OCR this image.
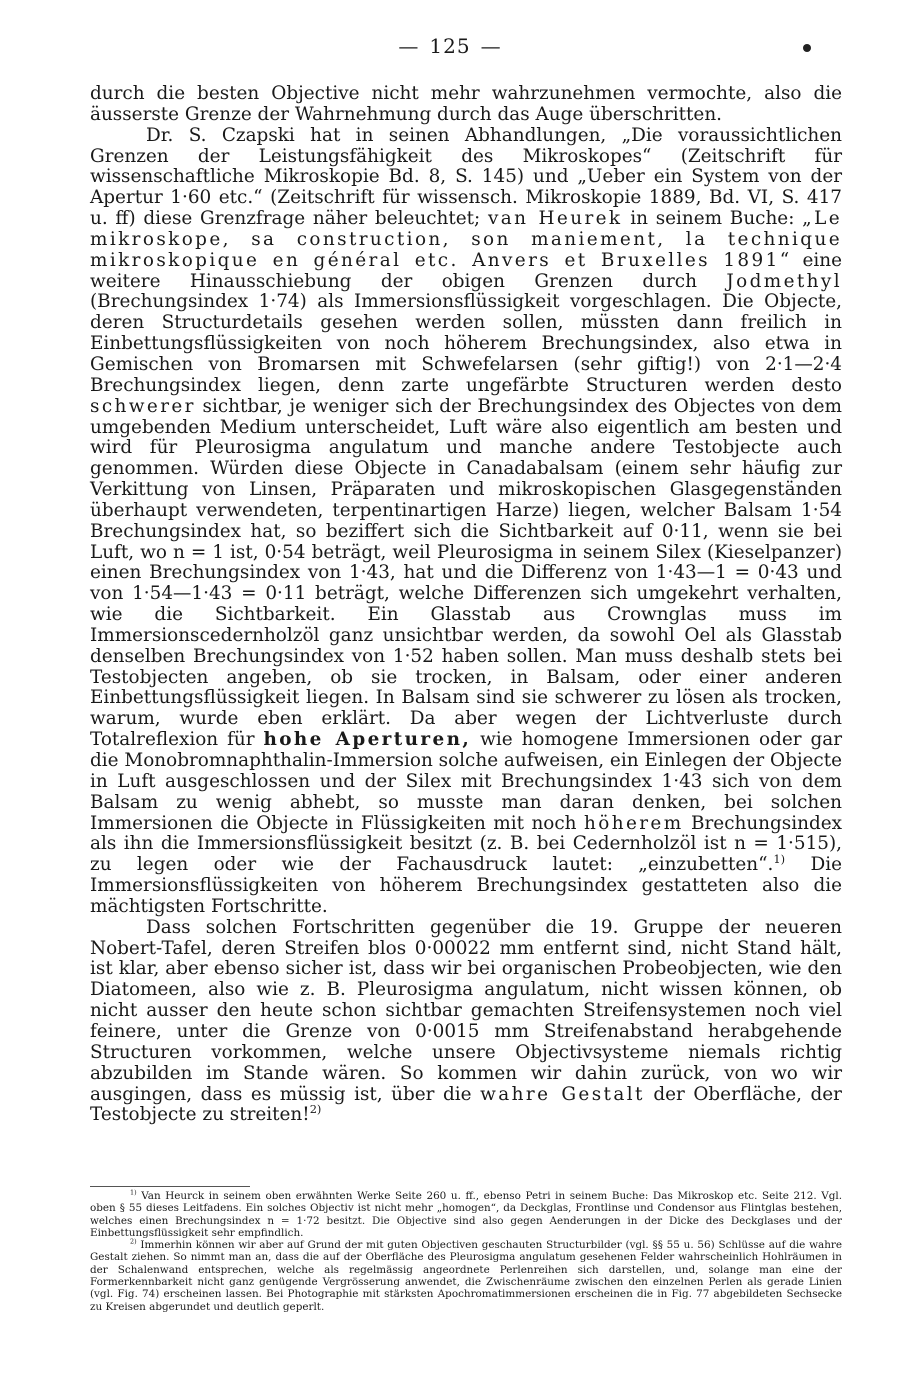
— 125 —

durch die besten Objective nicht mehr wahrzunehmen vermochte, also die äusserste Grenze der Wahrnehmung durch das Auge überschritten.

Dr. S. Czapski hat in seinen Abhandlungen, „Die voraussichtlichen Grenzen der Leistungsfähigkeit des Mikroskopes“ (Zeitschrift für wissenschaftliche Mikroskopie Bd. 8, S. 145) und „Ueber ein System von der Apertur 1·60 etc.“ (Zeitschrift für wissensch. Mikroskopie 1889, Bd. VI, S. 417 u. ff) diese Grenzfrage näher beleuchtet; van Heurek in seinem Buche: „Le mikroskope, sa construction, son maniement, la technique mikroskopique en général etc. Anvers et Bruxelles 1891“ eine weitere Hinausschiebung der obigen Grenzen durch Jodmethyl (Brechungsindex 1·74) als Immersionsflüssigkeit vorgeschlagen. Die Objecte, deren Structurdetails gesehen werden sollen, müssten dann freilich in Einbettungsflüssigkeiten von noch höherem Brechungsindex, also etwa in Gemischen von Bromarsen mit Schwefelarsen (sehr giftig!) von 2·1—2·4 Brechungsindex liegen, denn zarte ungefärbte Structuren werden desto schwerer sichtbar, je weniger sich der Brechungsindex des Objectes von dem umgebenden Medium unterscheidet, Luft wäre also eigentlich am besten und wird für Pleurosigma angulatum und manche andere Testobjecte auch genommen. Würden diese Objecte in Canadabalsam (einem sehr häufig zur Verkittung von Linsen, Präparaten und mikroskopischen Glasgegenständen überhaupt verwendeten, terpentinartigen Harze) liegen, welcher Balsam 1·54 Brechungsindex hat, so beziffert sich die Sichtbarkeit auf 0·11, wenn sie bei Luft, wo n = 1 ist, 0·54 beträgt, weil Pleurosigma in seinem Silex (Kieselpanzer) einen Brechungsindex von 1·43, hat und die Differenz von 1·43—1 = 0·43 und von 1·54—1·43 = 0·11 beträgt, welche Differenzen sich umgekehrt verhalten, wie die Sichtbarkeit. Ein Glasstab aus Crownglas muss im Immersionscedernholzöl ganz unsichtbar werden, da sowohl Oel als Glasstab denselben Brechungsindex von 1·52 haben sollen. Man muss deshalb stets bei Testobjecten angeben, ob sie trocken, in Balsam, oder einer anderen Einbettungsflüssigkeit liegen. In Balsam sind sie schwerer zu lösen als trocken, warum, wurde eben erklärt. Da aber wegen der Lichtverluste durch Totalreflexion für hohe Aperturen, wie homogene Immersionen oder gar die Monobromnaphthalin-Immersion solche aufweisen, ein Einlegen der Objecte in Luft ausgeschlossen und der Silex mit Brechungsindex 1·43 sich von dem Balsam zu wenig abhebt, so musste man daran denken, bei solchen Immersionen die Objecte in Flüssigkeiten mit noch höherem Brechungsindex als ihn die Immersionsflüssigkeit besitzt (z. B. bei Cedernholzöl ist n = 1·515), zu legen oder wie der Fachausdruck lautet: „einzubetten“.$^{1)}$ Die Immersionsflüssigkeiten von höherem Brechungsindex gestatteten also die mächtigsten Fortschritte.

Dass solchen Fortschritten gegenüber die 19. Gruppe der neueren Nobert-Tafel, deren Streifen blos 0·00022 mm entfernt sind, nicht Stand hält, ist klar, aber ebenso sicher ist, dass wir bei organischen Probeobjecten, wie den Diatomeen, also wie z. B. Pleurosigma angulatum, nicht wissen können, ob nicht ausser den heute schon sichtbar gemachten Streifensystemen noch viel feinere, unter die Grenze von 0·0015 mm Streifenabstand herabgehende Structuren vorkommen, welche unsere Objectivsysteme niemals richtig abzubilden im Stande wären. So kommen wir dahin zurück, von wo wir ausgingen, dass es müssig ist, über die wahre Gestalt der Oberfläche, der Testobjecte zu streiten!$^{2)}$

$^{1)}$ Van Heurck in seinem oben erwähnten Werke Seite 260 u. ff., ebenso Petri in seinem Buche: Das Mikroskop etc. Seite 212. Vgl. oben § 55 dieses Leitfadens. Ein solches Objectiv ist nicht mehr „homogen“, da Deckglas, Frontlinse und Condensor aus Flintglas bestehen, welches einen Brechungsindex n = 1·72 besitzt. Die Objective sind also gegen Aenderungen in der Dicke des Deckglases und der Einbettungsflüssigkeit sehr empfindlich.

$^{2)}$ Immerhin können wir aber auf Grund der mit guten Objectiven geschauten Structurbilder (vgl. §§ 55 u. 56) Schlüsse auf die wahre Gestalt ziehen. So nimmt man an, dass die auf der Oberfläche des Pleurosigma angulatum gesehenen Felder wahrscheinlich Hohlräumen in der Schalenwand entsprechen, welche als regelmässig angeordnete Perlenreihen sich darstellen, und, solange man eine der Formerkennbarkeit nicht ganz genügende Vergrösserung anwendet, die Zwischenräume zwischen den einzelnen Perlen als gerade Linien (vgl. Fig. 74) erscheinen lassen. Bei Photographie mit stärksten Apochromatimmersionen erscheinen die in Fig. 77 abgebildeten Sechsecke zu Kreisen abgerundet und deutlich geperlt.
